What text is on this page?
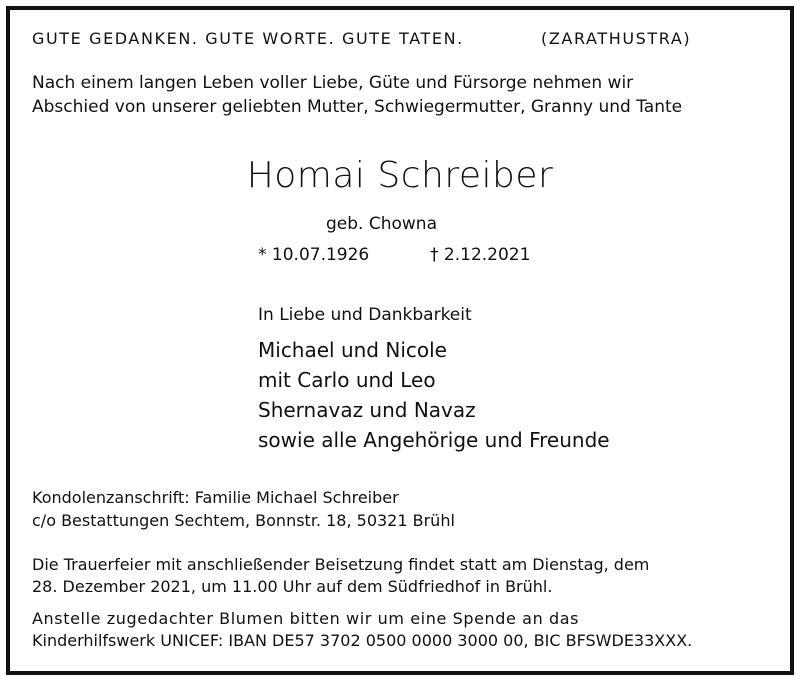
GUTE GEDANKEN. GUTE WORTE. GUTE TATEN.	(ZARATHUSTRA)
Nach einem langen Leben voller Liebe, Güte und Fürsorge nehmen wir
Abschied von unserer geliebten Mutter, Schwiegermutter, Granny und Tante
Homai Schreiber
geb. Chowna
* 10.07.1926	† 2.12.2021
In Liebe und Dankbarkeit
Michael und Nicole
mit Carlo und Leo
Shernavaz und Navaz
sowie alle Angehörige und Freunde
Kondolenzanschrift: Familie Michael Schreiber
c/o Bestattungen Sechtem, Bonnstr. 18, 50321 Brühl
Die Trauerfeier mit anschließender Beisetzung findet statt am Dienstag, dem
28. Dezember 2021, um 11.00 Uhr auf dem Südfriedhof in Brühl.
Anstelle zugedachter Blumen bitten wir um eine Spende an das
Kinderhilfswerk UNICEF: IBAN DE57 3702 0500 0000 3000 00, BIC BFSWDE33XXX.
